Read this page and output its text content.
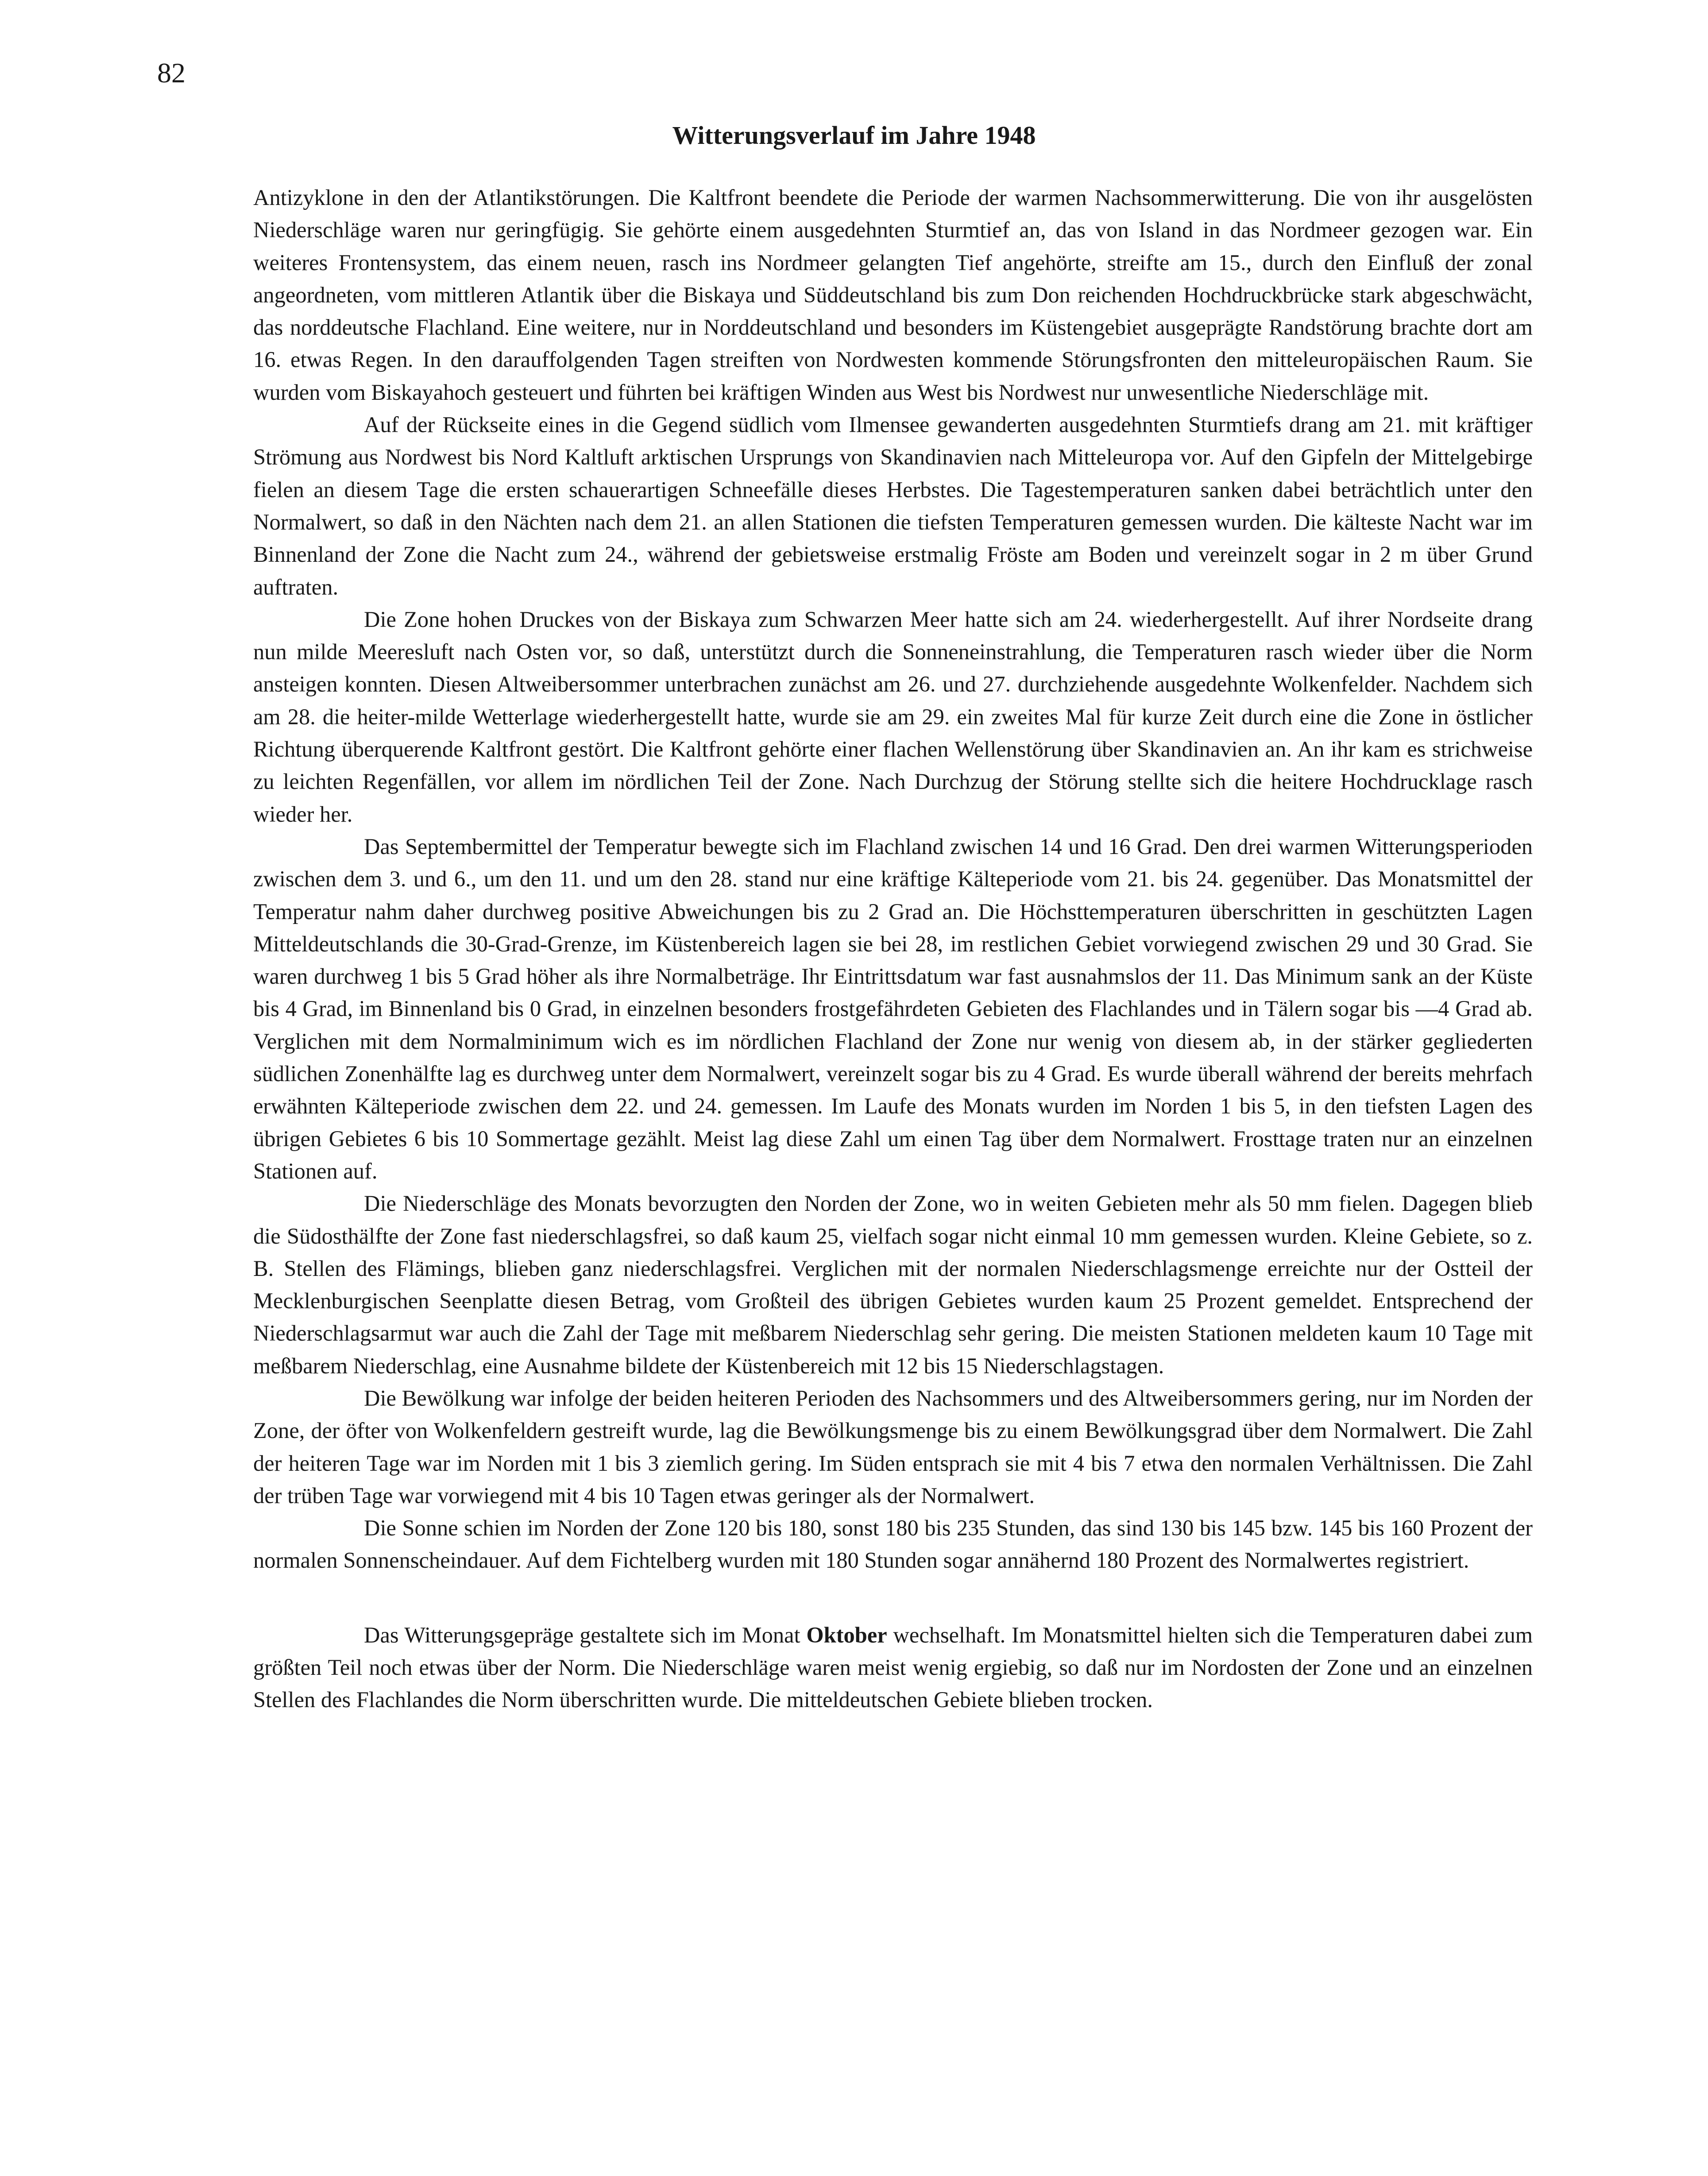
82
Witterungsverlauf im Jahre 1948

Antizyklone in den der Atlantikstörungen. Die Kaltfront beendete die Periode der warmen Nachsommerwitterung. Die von ihr ausgelösten Niederschläge waren nur geringfügig. Sie gehörte einem ausgedehnten Sturmtief an, das von Island in das Nordmeer gezogen war. Ein weiteres Frontensystem, das einem neuen, rasch ins Nordmeer gelangten Tief angehörte, streifte am 15., durch den Einfluß der zonal angeordneten, vom mittleren Atlantik über die Biskaya und Süddeutschland bis zum Don reichenden Hochdruckbrücke stark abgeschwächt, das norddeutsche Flachland. Eine weitere, nur in Norddeutschland und besonders im Küstengebiet ausgeprägte Randstörung brachte dort am 16. etwas Regen. In den darauffolgenden Tagen streiften von Nordwesten kommende Störungsfronten den mitteleuropäischen Raum. Sie wurden vom Biskayahoch gesteuert und führten bei kräftigen Winden aus West bis Nordwest nur unwesentliche Niederschläge mit.

Auf der Rückseite eines in die Gegend südlich vom Ilmensee gewanderten ausgedehnten Sturmtiefs drang am 21. mit kräftiger Strömung aus Nordwest bis Nord Kaltluft arktischen Ursprungs von Skandinavien nach Mitteleuropa vor. Auf den Gipfeln der Mittelgebirge fielen an diesem Tage die ersten schauerartigen Schneefälle dieses Herbstes. Die Tagestemperaturen sanken dabei beträchtlich unter den Normalwert, so daß in den Nächten nach dem 21. an allen Stationen die tiefsten Temperaturen gemessen wurden. Die kälteste Nacht war im Binnenland der Zone die Nacht zum 24., während der gebietsweise erstmalig Fröste am Boden und vereinzelt sogar in 2 m über Grund auftraten.

Die Zone hohen Druckes von der Biskaya zum Schwarzen Meer hatte sich am 24. wiederhergestellt. Auf ihrer Nordseite drang nun milde Meeresluft nach Osten vor, so daß, unterstützt durch die Sonneneinstrahlung, die Temperaturen rasch wieder über die Norm ansteigen konnten. Diesen Altweibersommer unterbrachen zunächst am 26. und 27. durchziehende ausgedehnte Wolkenfelder. Nachdem sich am 28. die heiter-milde Wetterlage wiederhergestellt hatte, wurde sie am 29. ein zweites Mal für kurze Zeit durch eine die Zone in östlicher Richtung überquerende Kaltfront gestört. Die Kaltfront gehörte einer flachen Wellenstörung über Skandinavien an. An ihr kam es strichweise zu leichten Regenfällen, vor allem im nördlichen Teil der Zone. Nach Durchzug der Störung stellte sich die heitere Hochdrucklage rasch wieder her.

Das Septembermittel der Temperatur bewegte sich im Flachland zwischen 14 und 16 Grad. Den drei warmen Witterungsperioden zwischen dem 3. und 6., um den 11. und um den 28. stand nur eine kräftige Kälteperiode vom 21. bis 24. gegenüber. Das Monatsmittel der Temperatur nahm daher durchweg positive Abweichungen bis zu 2 Grad an. Die Höchsttemperaturen überschritten in geschützten Lagen Mitteldeutschlands die 30-Grad-Grenze, im Küstenbereich lagen sie bei 28, im restlichen Gebiet vorwiegend zwischen 29 und 30 Grad. Sie waren durchweg 1 bis 5 Grad höher als ihre Normalbeträge. Ihr Eintrittsdatum war fast ausnahmslos der 11. Das Minimum sank an der Küste bis 4 Grad, im Binnenland bis 0 Grad, in einzelnen besonders frostgefährdeten Gebieten des Flachlandes und in Tälern sogar bis —4 Grad ab. Verglichen mit dem Normalminimum wich es im nördlichen Flachland der Zone nur wenig von diesem ab, in der stärker gegliederten südlichen Zonenhälfte lag es durchweg unter dem Normalwert, vereinzelt sogar bis zu 4 Grad. Es wurde überall während der bereits mehrfach erwähnten Kälteperiode zwischen dem 22. und 24. gemessen. Im Laufe des Monats wurden im Norden 1 bis 5, in den tiefsten Lagen des übrigen Gebietes 6 bis 10 Sommertage gezählt. Meist lag diese Zahl um einen Tag über dem Normalwert. Frosttage traten nur an einzelnen Stationen auf.

Die Niederschläge des Monats bevorzugten den Norden der Zone, wo in weiten Gebieten mehr als 50 mm fielen. Dagegen blieb die Südosthälfte der Zone fast niederschlagsfrei, so daß kaum 25, vielfach sogar nicht einmal 10 mm gemessen wurden. Kleine Gebiete, so z. B. Stellen des Flämings, blieben ganz niederschlagsfrei. Verglichen mit der normalen Niederschlagsmenge erreichte nur der Ostteil der Mecklenburgischen Seenplatte diesen Betrag, vom Großteil des übrigen Gebietes wurden kaum 25 Prozent gemeldet. Entsprechend der Niederschlagsarmut war auch die Zahl der Tage mit meßbarem Niederschlag sehr gering. Die meisten Stationen meldeten kaum 10 Tage mit meßbarem Niederschlag, eine Ausnahme bildete der Küstenbereich mit 12 bis 15 Niederschlagstagen.

Die Bewölkung war infolge der beiden heiteren Perioden des Nachsommers und des Altweibersommers gering, nur im Norden der Zone, der öfter von Wolkenfeldern gestreift wurde, lag die Bewölkungsmenge bis zu einem Bewölkungsgrad über dem Normalwert. Die Zahl der heiteren Tage war im Norden mit 1 bis 3 ziemlich gering. Im Süden entsprach sie mit 4 bis 7 etwa den normalen Verhältnissen. Die Zahl der trüben Tage war vorwiegend mit 4 bis 10 Tagen etwas geringer als der Normalwert.

Die Sonne schien im Norden der Zone 120 bis 180, sonst 180 bis 235 Stunden, das sind 130 bis 145 bzw. 145 bis 160 Prozent der normalen Sonnenscheindauer. Auf dem Fichtelberg wurden mit 180 Stunden sogar annähernd 180 Prozent des Normalwertes registriert.

Das Witterungsgepräge gestaltete sich im Monat Oktober wechselhaft. Im Monatsmittel hielten sich die Temperaturen dabei zum größten Teil noch etwas über der Norm. Die Niederschläge waren meist wenig ergiebig, so daß nur im Nordosten der Zone und an einzelnen Stellen des Flachlandes die Norm überschritten wurde. Die mitteldeutschen Gebiete blieben trocken.
